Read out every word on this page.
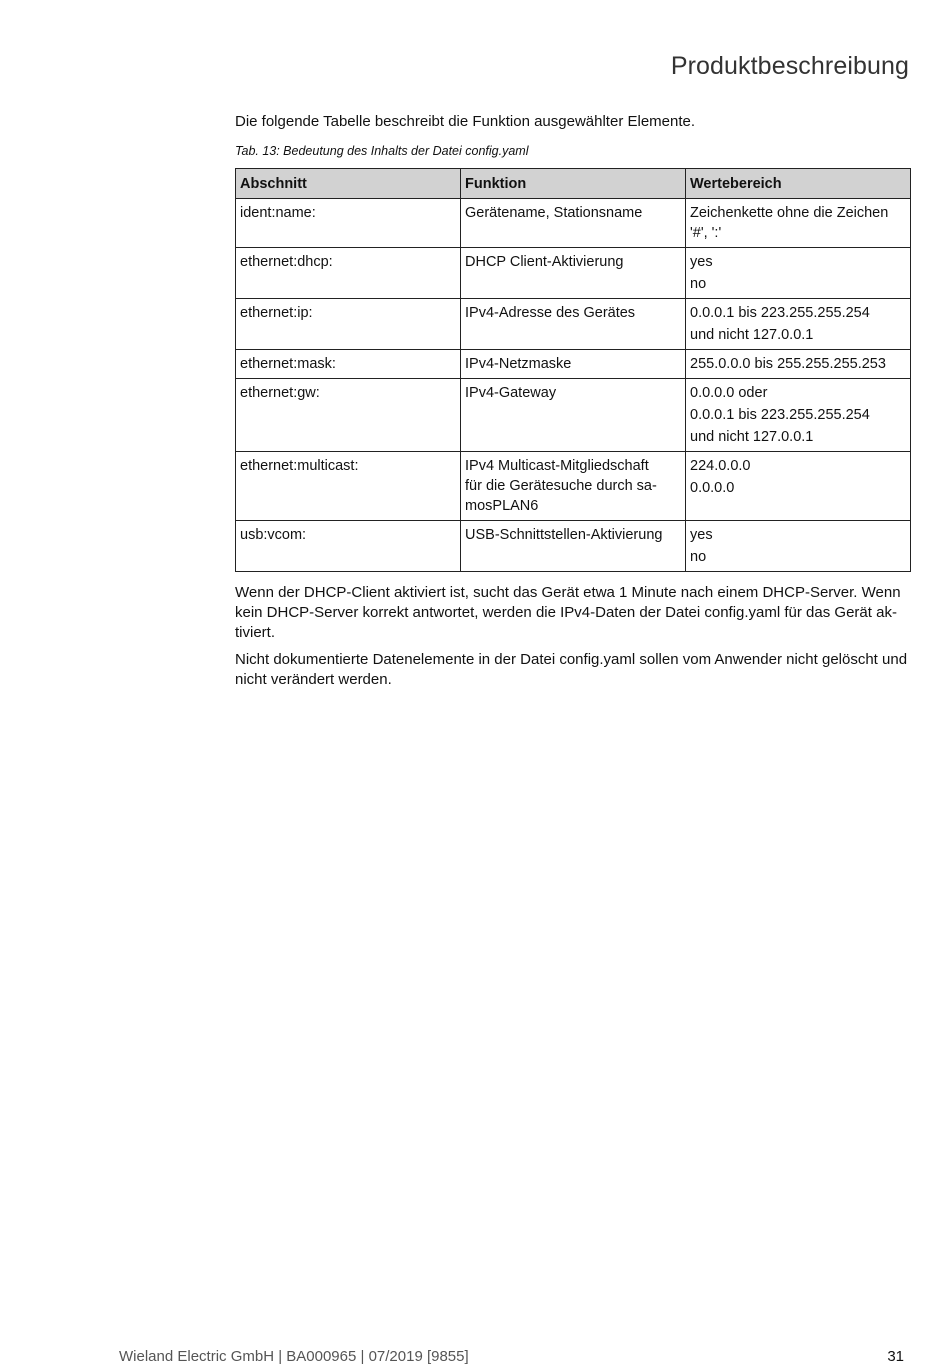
Produktbeschreibung

Die folgende Tabelle beschreibt die Funktion ausgewählter Elemente.

Tab. 13: Bedeutung des Inhalts der Datei config.yaml

Abschnitt	Funktion	Wertebereich
ident:name:	Gerätename, Stationsname	Zeichenkette ohne die Zeichen '#', ':'

ethernet:dhcp:	DHCP Client-Aktivierung	yes
no

ethernet:ip:	IPv4-Adresse des Gerätes	0.0.0.1 bis 223.255.255.254
und nicht 127.0.0.1

ethernet:mask:	IPv4-Netzmaske	255.0.0.0 bis 255.255.255.253

ethernet:gw:	IPv4-Gateway	0.0.0.0 oder
0.0.0.1 bis 223.255.255.254
und nicht 127.0.0.1

ethernet:multicast:	IPv4 Multicast-Mitgliedschaft
für die Gerätesuche durch sa-
mosPLAN6	224.0.0.0
0.0.0.0

usb:vcom:	USB-Schnittstellen-Aktivierung	yes
no

Wenn der DHCP-Client aktiviert ist, sucht das Gerät etwa 1 Minute nach einem DHCP-Server. Wenn kein DHCP-Server korrekt antwortet, werden die IPv4-Daten der Datei config.yaml für das Gerät aktiviert.

Nicht dokumentierte Datenelemente in der Datei config.yaml sollen vom Anwender nicht gelöscht und nicht verändert werden.

Wieland Electric GmbH | BA000965 | 07/2019 [9855]	31
